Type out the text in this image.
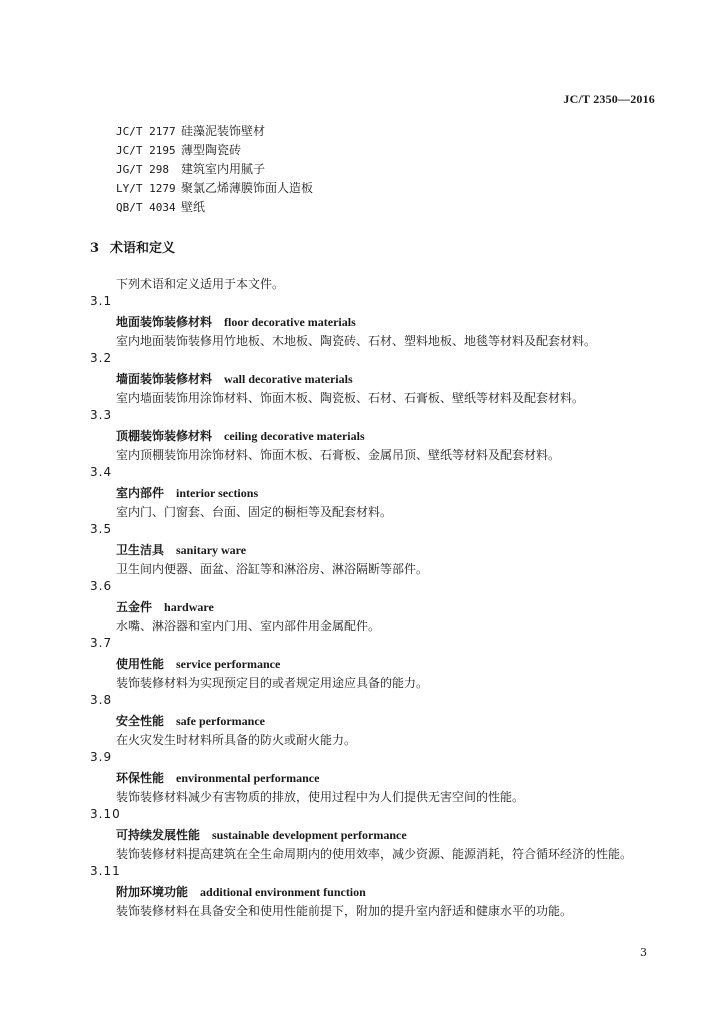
JC/T 2350—2016
JC/T 2177 硅藻泥装饰壁材
JC/T 2195 薄型陶瓷砖
JG/T 298 建筑室内用腻子
LY/T 1279 聚氯乙烯薄膜饰面人造板
QB/T 4034 壁纸
3 术语和定义
下列术语和定义适用于本文件。
3.1
地面装饰装修材料 floor decorative materials
室内地面装饰装修用竹地板、木地板、陶瓷砖、石材、塑料地板、地毯等材料及配套材料。
3.2
墙面装饰装修材料 wall decorative materials
室内墙面装饰用涂饰材料、饰面木板、陶瓷板、石材、石膏板、壁纸等材料及配套材料。
3.3
顶棚装饰装修材料 ceiling decorative materials
室内顶棚装饰用涂饰材料、饰面木板、石膏板、金属吊顶、壁纸等材料及配套材料。
3.4
室内部件 interior sections
室内门、门窗套、台面、固定的橱柜等及配套材料。
3.5
卫生洁具 sanitary ware
卫生间内便器、面盆、浴缸等和淋浴房、淋浴隔断等部件。
3.6
五金件 hardware
水嘴、淋浴器和室内门用、室内部件用金属配件。
3.7
使用性能 service performance
装饰装修材料为实现预定目的或者规定用途应具备的能力。
3.8
安全性能 safe performance
在火灾发生时材料所具备的防火或耐火能力。
3.9
环保性能 environmental performance
装饰装修材料减少有害物质的排放，使用过程中为人们提供无害空间的性能。
3.10
可持续发展性能 sustainable development performance
装饰装修材料提高建筑在全生命周期内的使用效率，减少资源、能源消耗，符合循环经济的性能。
3.11
附加环境功能 additional environment function
装饰装修材料在具备安全和使用性能前提下，附加的提升室内舒适和健康水平的功能。
3
